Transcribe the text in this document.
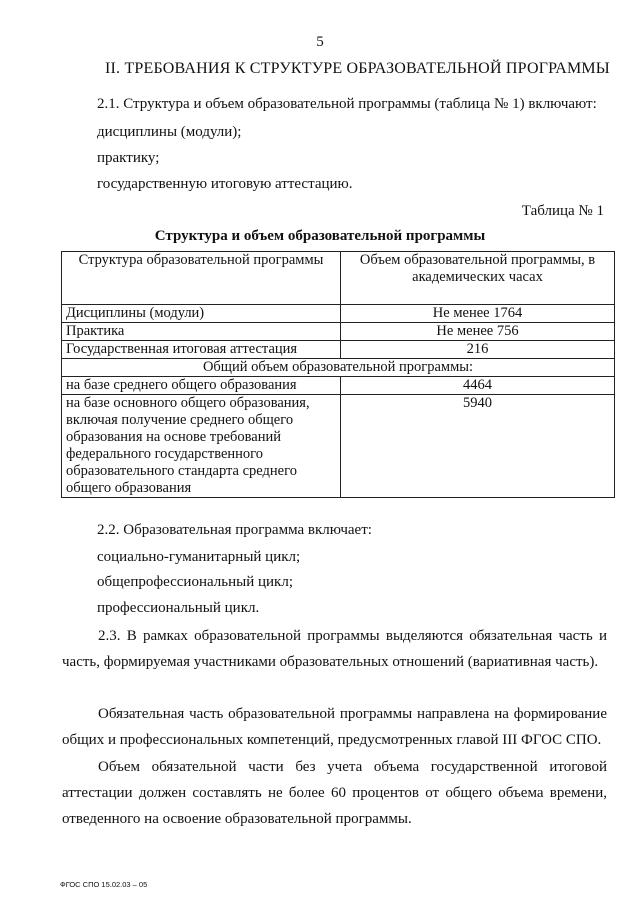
5
II. ТРЕБОВАНИЯ К СТРУКТУРЕ ОБРАЗОВАТЕЛЬНОЙ ПРОГРАММЫ
2.1. Структура и объем образовательной программы (таблица № 1) включают:
дисциплины (модули);
практику;
государственную итоговую аттестацию.
Таблица № 1
Структура и объем образовательной программы
Структура образовательной программы	Объем образовательной программы, в академических часах
Дисциплины (модули)	Не менее 1764
Практика	Не менее 756
Государственная итоговая аттестация	216
Общий объем образовательной программы:	
на базе среднего общего образования	4464
на базе основного общего образования, включая получение среднего общего образования на основе требований федерального государственного образовательного стандарта среднего общего образования	5940
2.2. Образовательная программа включает:
социально-гуманитарный цикл;
общепрофессиональный цикл;
профессиональный цикл.
2.3. В рамках образовательной программы выделяются обязательная часть и часть, формируемая участниками образовательных отношений (вариативная часть).
Обязательная часть образовательной программы направлена на формирование общих и профессиональных компетенций, предусмотренных главой III ФГОС СПО.
Объем обязательной части без учета объема государственной итоговой аттестации должен составлять не более 60 процентов от общего объема времени, отведенного на освоение образовательной программы.
ФГОС СПО 15.02.03 – 05
